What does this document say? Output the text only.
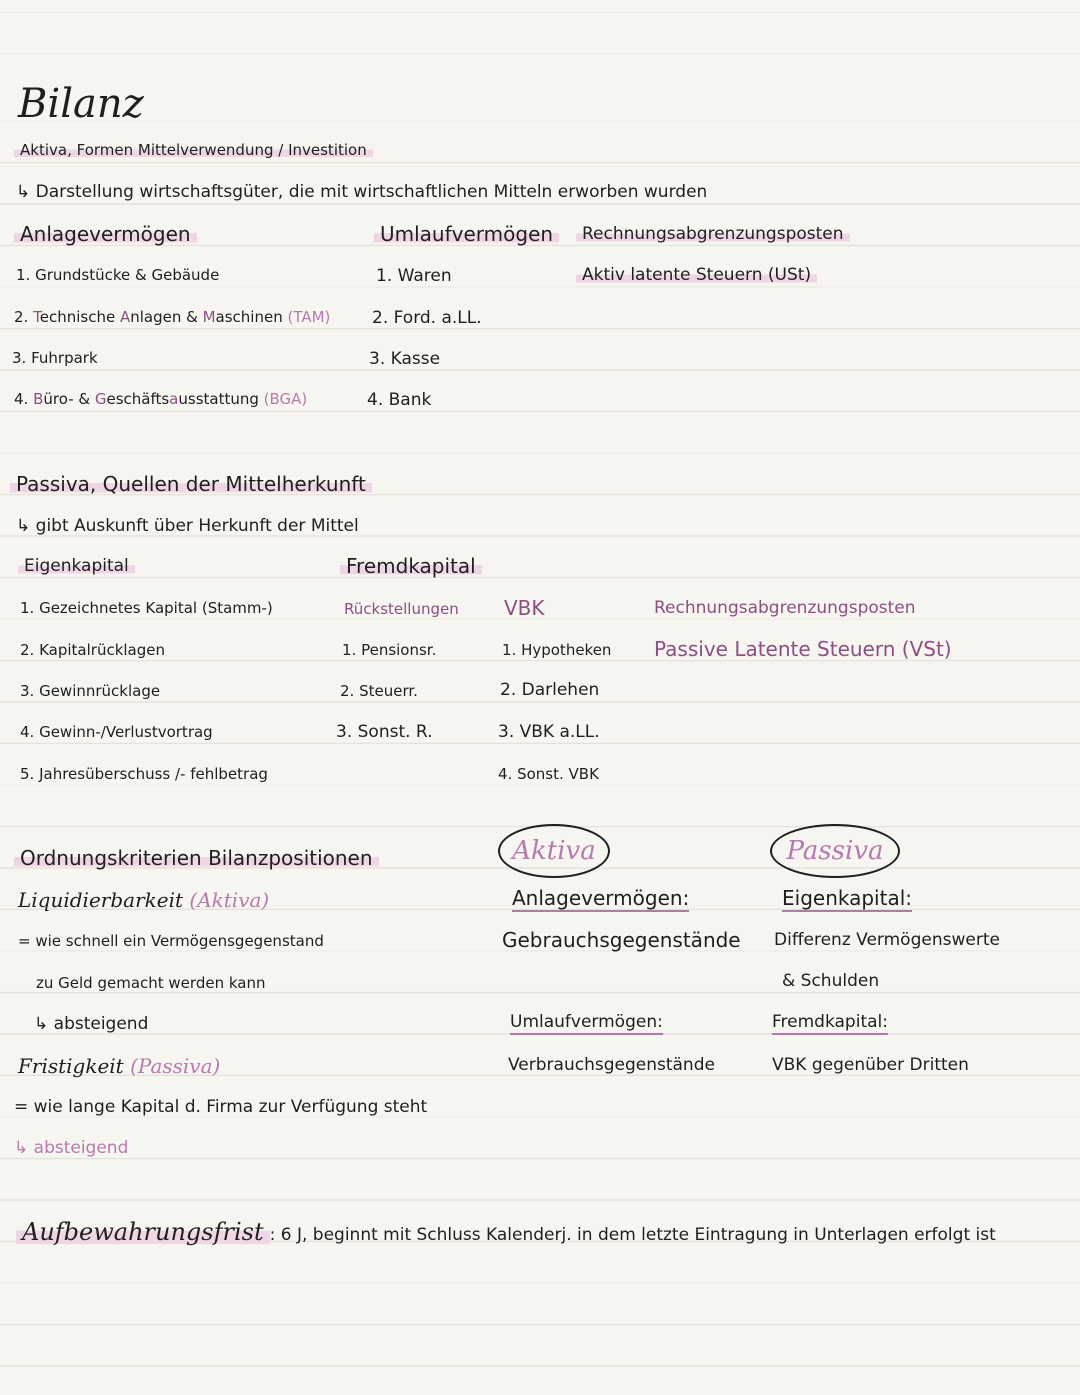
Bilanz
Aktiva, Formen Mittelverwendung / Investition
↳ Darstellung wirtschaftsgüter, die mit wirtschaftlichen Mitteln erworben wurden
Anlagevermögen
1. Grundstücke & Gebäude
2. Technische Anlagen & Maschinen (TAM)
3. Fuhrpark
4. Büro- & Geschäftsausstattung (BGA)
Umlaufvermögen
1. Waren
2. Ford. a.LL.
3. Kasse
4. Bank
Rechnungsabgrenzungsposten
Aktiv latente Steuern (USt)
Passiva, Quellen der Mittelherkunft
↳ gibt Auskunft über Herkunft der Mittel
Eigenkapital
1. Gezeichnetes Kapital (Stamm-)
2. Kapitalrücklagen
3. Gewinnrücklage
4. Gewinn-/Verlustvortrag
5. Jahresüberschuss /- fehlbetrag
Fremdkapital
Rückstellungen
1. Pensionsr.
2. Steuerr.
3. Sonst. R.
VBK
1. Hypotheken
2. Darlehen
3. VBK a.LL.
4. Sonst. VBK
Rechnungsabgrenzungsposten
Passive Latente Steuern (VSt)
Ordnungskriterien Bilanzpositionen
Liquidierbarkeit (Aktiva)
= wie schnell ein Vermögensgegenstand
zu Geld gemacht werden kann
↳ absteigend
Fristigkeit (Passiva)
= wie lange Kapital d. Firma zur Verfügung steht
↳ absteigend
Aktiva
Anlagevermögen:
Gebrauchsgegenstände
Umlaufvermögen:
Verbrauchsgegenstände
Passiva
Eigenkapital:
Differenz Vermögenswerte
& Schulden
Fremdkapital:
VBK gegenüber Dritten
Aufbewahrungsfrist : 6 J, beginnt mit Schluss Kalenderj. in dem letzte Eintragung in Unterlagen erfolgt ist
